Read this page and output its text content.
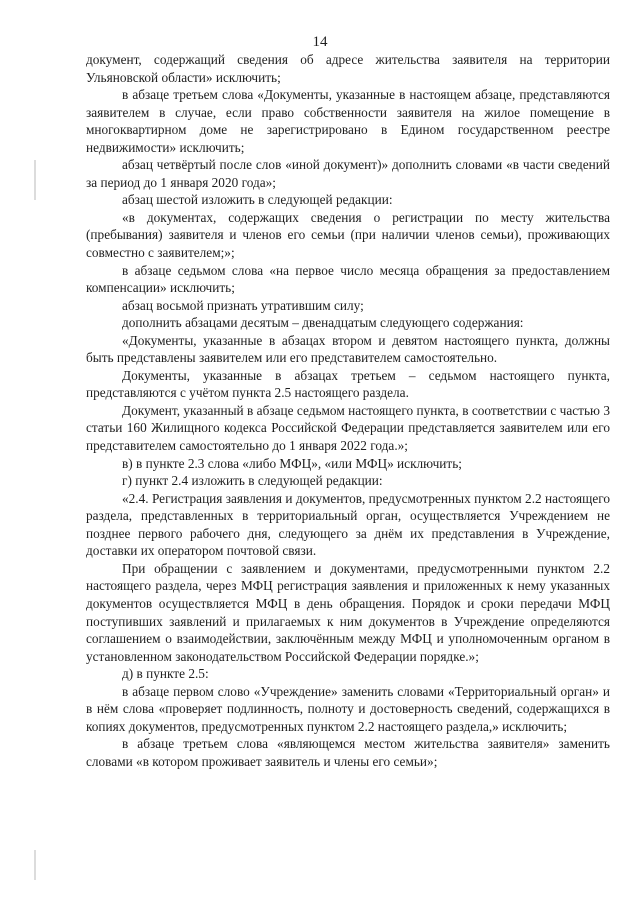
14

документ, содержащий сведения об адресе жительства заявителя на территории Ульяновской области» исключить;

в абзаце третьем слова «Документы, указанные в настоящем абзаце, представляются заявителем в случае, если право собственности заявителя на жилое помещение в многоквартирном доме не зарегистрировано в Едином государственном реестре недвижимости» исключить;

абзац четвёртый после слов «иной документ)» дополнить словами «в части сведений за период до 1 января 2020 года»;

абзац шестой изложить в следующей редакции:

«в документах, содержащих сведения о регистрации по месту жительства (пребывания) заявителя и членов его семьи (при наличии членов семьи), проживающих совместно с заявителем;»;

в абзаце седьмом слова «на первое число месяца обращения за предоставлением компенсации» исключить;

абзац восьмой признать утратившим силу;

дополнить абзацами десятым – двенадцатым следующего содержания:

«Документы, указанные в абзацах втором и девятом настоящего пункта, должны быть представлены заявителем или его представителем самостоятельно.

Документы, указанные в абзацах третьем – седьмом настоящего пункта, представляются с учётом пункта 2.5 настоящего раздела.

Документ, указанный в абзаце седьмом настоящего пункта, в соответствии с частью 3 статьи 160 Жилищного кодекса Российской Федерации представляется заявителем или его представителем самостоятельно до 1 января 2022 года.»;

в) в пункте 2.3 слова «либо МФЦ», «или МФЦ» исключить;

г) пункт 2.4 изложить в следующей редакции:

«2.4. Регистрация заявления и документов, предусмотренных пунктом 2.2 настоящего раздела, представленных в территориальный орган, осуществляется Учреждением не позднее первого рабочего дня, следующего за днём их представления в Учреждение, доставки их оператором почтовой связи.

При обращении с заявлением и документами, предусмотренными пунктом 2.2 настоящего раздела, через МФЦ регистрация заявления и приложенных к нему указанных документов осуществляется МФЦ в день обращения. Порядок и сроки передачи МФЦ поступивших заявлений и прилагаемых к ним документов в Учреждение определяются соглашением о взаимодействии, заключённым между МФЦ и уполномоченным органом в установленном законодательством Российской Федерации порядке.»;

д) в пункте 2.5:

в абзаце первом слово «Учреждение» заменить словами «Территориальный орган» и в нём слова «проверяет подлинность, полноту и достоверность сведений, содержащихся в копиях документов, предусмотренных пунктом 2.2 настоящего раздела,» исключить;

в абзаце третьем слова «являющемся местом жительства заявителя» заменить словами «в котором проживает заявитель и члены его семьи»;
